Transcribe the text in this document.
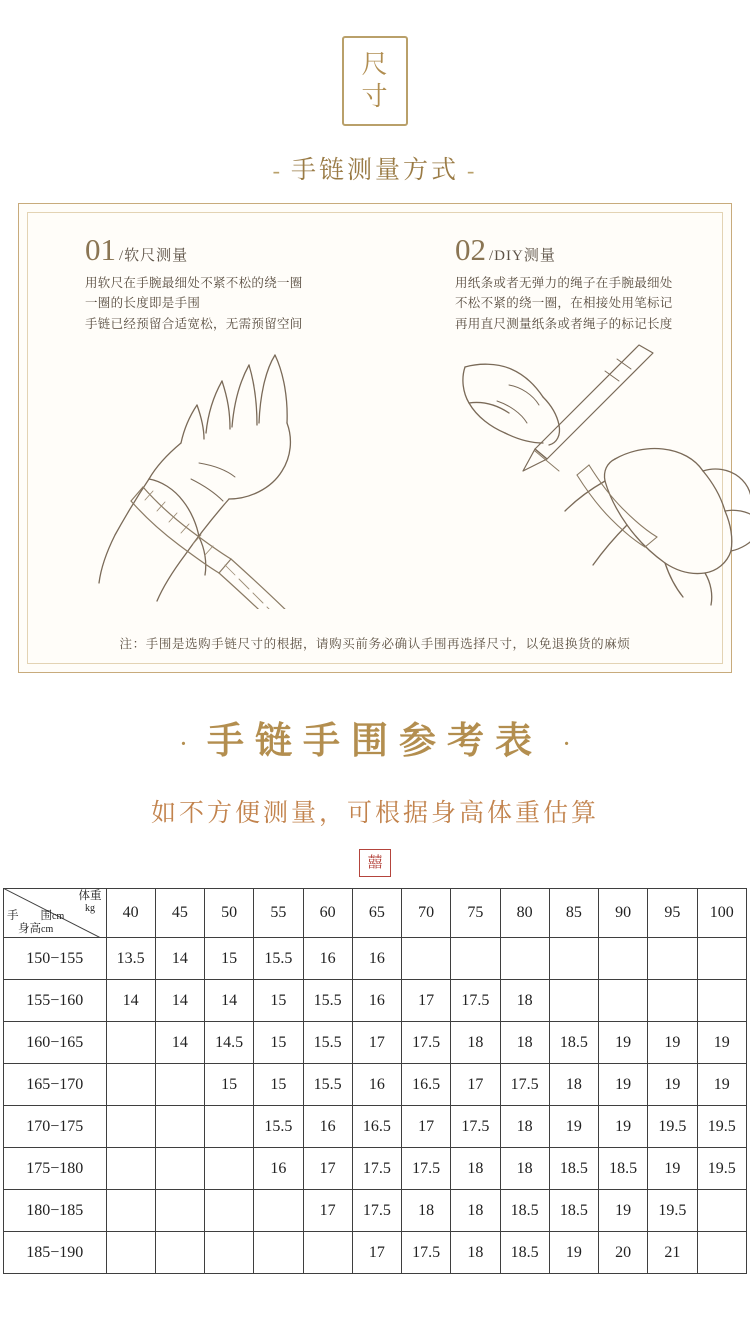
尺
寸
- 手链测量方式 -
01 /软尺测量
用软尺在手腕最细处不紧不松的绕一圈
一圈的长度即是手围
手链已经预留合适宽松，无需预留空间
02 /DIY测量
用纸条或者无弹力的绳子在手腕最细处
不松不紧的绕一圈，在相接处用笔标记
再用直尺测量纸条或者绳子的标记长度
注：手围是选购手链尺寸的根据，请购买前务必确认手围再选择尺寸，以免退换货的麻烦
· 手链手围参考表 ·
如不方便测量，可根据身高体重估算
囍
体重
kg
手 围cm
身高cm	40	45	50	55	60	65	70	75	80	85	90	95	100
150−155	13.5	14	15	15.5	16	16							
155−160	14	14	14	15	15.5	16	17	17.5	18				
160−165		14	14.5	15	15.5	17	17.5	18	18	18.5	19	19	19
165−170			15	15	15.5	16	16.5	17	17.5	18	19	19	19
170−175				15.5	16	16.5	17	17.5	18	19	19	19.5	19.5
175−180				16	17	17.5	17.5	18	18	18.5	18.5	19	19.5
180−185					17	17.5	18	18	18.5	18.5	19	19.5	
185−190						17	17.5	18	18.5	19	20	21	
